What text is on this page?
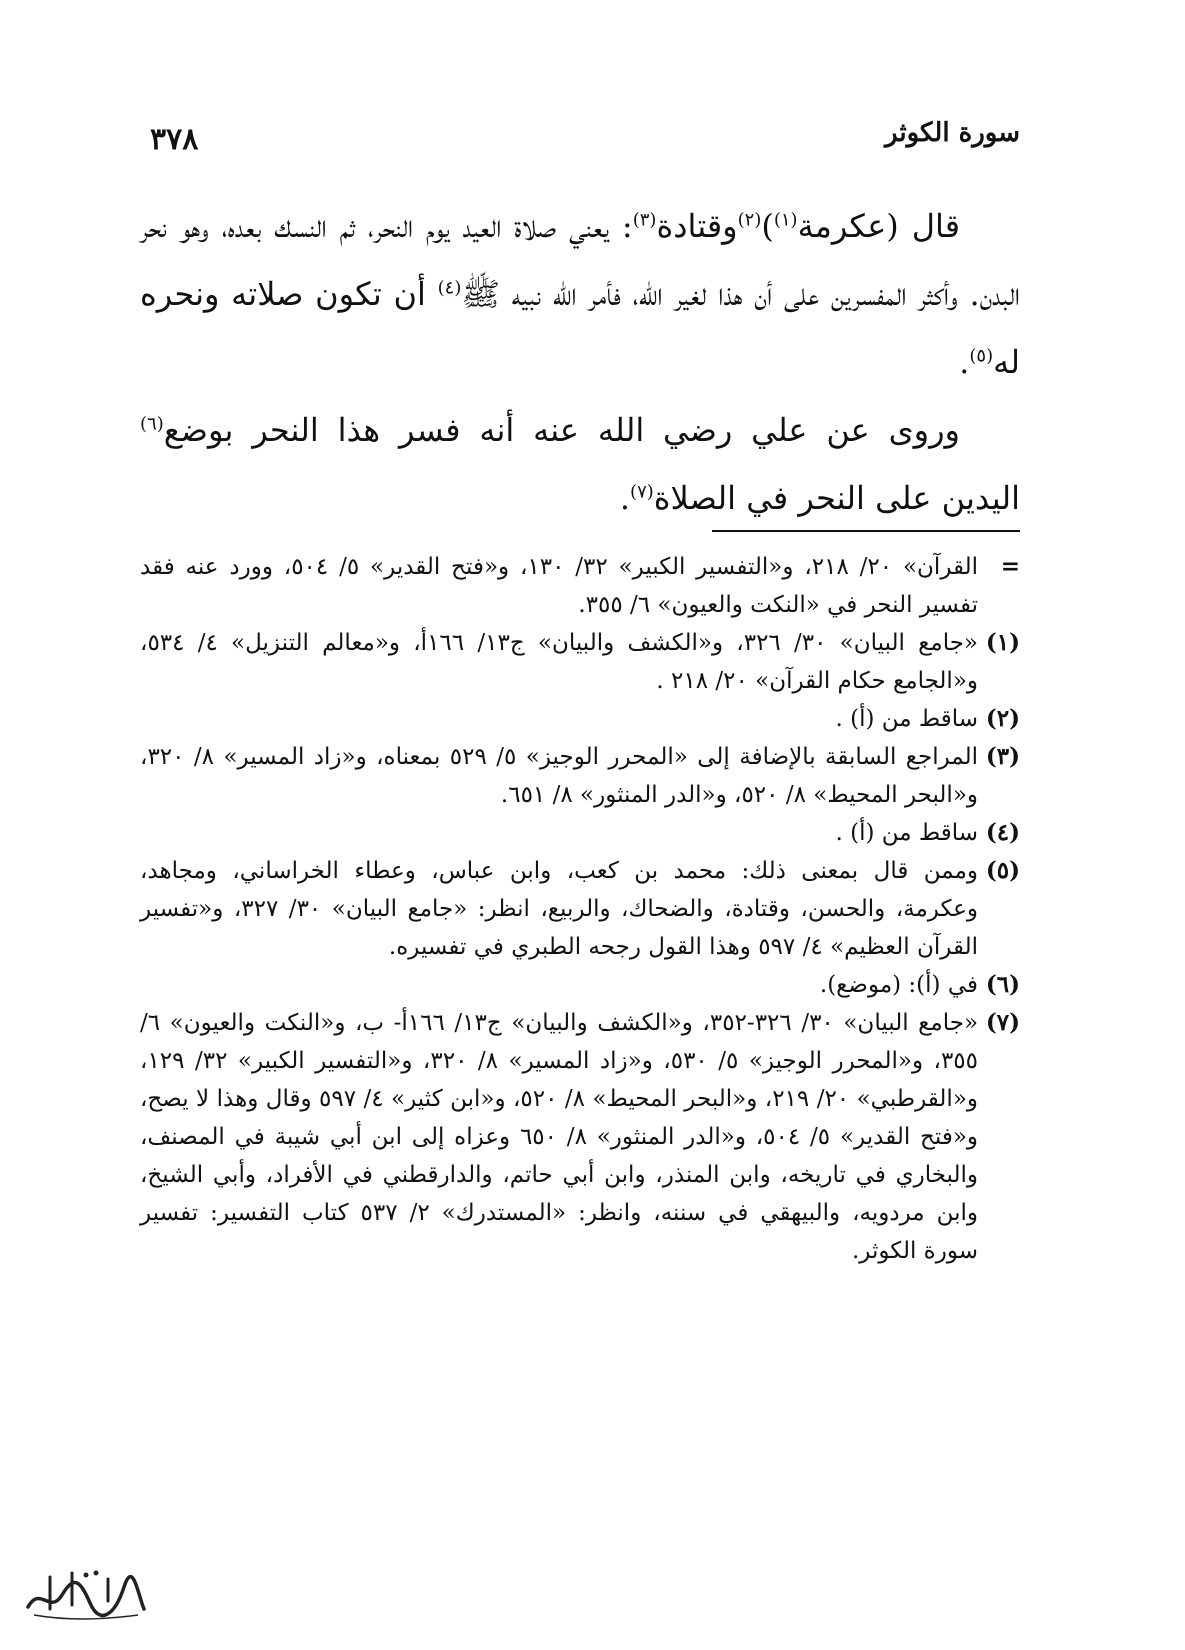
سورة الكوثر
٣٧٨

قال (عكرمة$^{(١)}$)$^{(٢)}$وقتادة$^{(٣)}$: يعني صلاة العيد يوم النحر، ثم النسك بعده، وهو نحر البدن. وأكثر المفسرين على أن هذا لغير الله، فأمر الله نبيه ﷺ$^{(٤)}$ أن تكون صلاته ونحره له$^{(٥)}$.

وروى عن علي رضي الله عنه أنه فسر هذا النحر بوضع$^{(٦)}$ اليدين على النحر في الصلاة$^{(٧)}$.

=
القرآن» ٢٠/ ٢١٨، و«التفسير الكبير» ٣٢/ ١٣٠، و«فتح القدير» ٥/ ٥٠٤، وورد عنه فقد تفسير النحر في «النكت والعيون» ٦/ ٣٥٥.
(١)
«جامع البيان» ٣٠/ ٣٢٦، و«الكشف والبيان» ج١٣/ ١٦٦أ، و«معالم التنزيل» ٤/ ٥٣٤، و«الجامع حكام القرآن» ٢٠/ ٢١٨ .
(٢)
ساقط من (أ) .
(٣)
المراجع السابقة بالإضافة إلى «المحرر الوجيز» ٥/ ٥٢٩ بمعناه، و«زاد المسير» ٨/ ٣٢٠، و«البحر المحيط» ٨/ ٥٢٠، و«الدر المنثور» ٨/ ٦٥١.
(٤)
ساقط من (أ) .
(٥)
وممن قال بمعنى ذلك: محمد بن كعب، وابن عباس، وعطاء الخراساني، ومجاهد، وعكرمة، والحسن، وقتادة، والضحاك، والربيع، انظر: «جامع البيان» ٣٠/ ٣٢٧، و«تفسير القرآن العظيم» ٤/ ٥٩٧ وهذا القول رجحه الطبري في تفسيره.
(٦)
في (أ): (موضع).
(٧)
«جامع البيان» ٣٠/ ٣٢٦-٣٥٢، و«الكشف والبيان» ج١٣/ ١٦٦أ- ب، و«النكت والعيون» ٦/ ٣٥٥، و«المحرر الوجيز» ٥/ ٥٣٠، و«زاد المسير» ٨/ ٣٢٠، و«التفسير الكبير» ٣٢/ ١٢٩، و«القرطبي» ٢٠/ ٢١٩، و«البحر المحيط» ٨/ ٥٢٠، و«ابن كثير» ٤/ ٥٩٧ وقال وهذا لا يصح، و«فتح القدير» ٥/ ٥٠٤، و«الدر المنثور» ٨/ ٦٥٠ وعزاه إلى ابن أبي شيبة في المصنف، والبخاري في تاريخه، وابن المنذر، وابن أبي حاتم، والدارقطني في الأفراد، وأبي الشيخ، وابن مردويه، والبيهقي في سننه، وانظر: «المستدرك» ٢/ ٥٣٧ كتاب التفسير: تفسير سورة الكوثر.
